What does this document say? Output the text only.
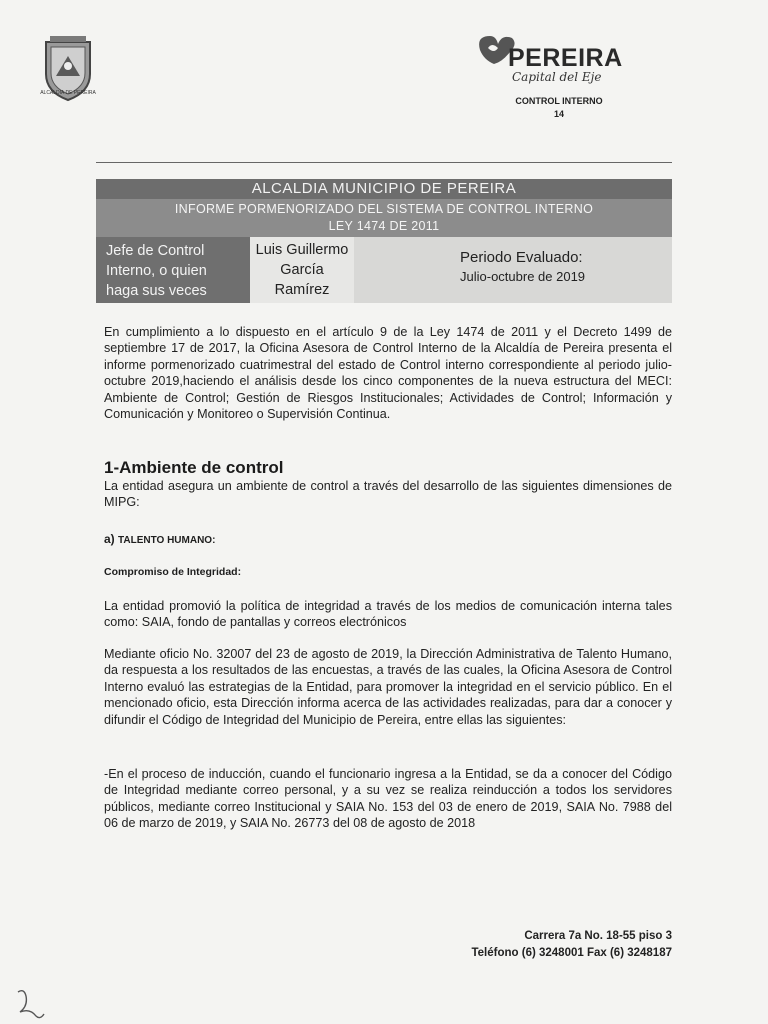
ALCALDIA DE PEREIRA
PEREIRA
Capital del Eje
CONTROL INTERNO
14
ALCALDIA MUNICIPIO DE PEREIRA
INFORME PORMENORIZADO DEL SISTEMA DE CONTROL INTERNO
LEY 1474 DE 2011
Jefe de Control
Interno, o quien
haga sus veces
Luis Guillermo
García
Ramírez
Periodo Evaluado:
Julio-octubre de 2019
En cumplimiento a lo dispuesto en el artículo 9 de la Ley 1474 de 2011 y el Decreto 1499 de septiembre 17 de 2017, la Oficina Asesora de Control Interno de la Alcaldía de Pereira presenta el informe pormenorizado cuatrimestral del estado de Control interno correspondiente al periodo julio-octubre 2019,haciendo el análisis desde los cinco componentes de la nueva estructura del MECI: Ambiente de Control; Gestión de Riesgos Institucionales; Actividades de Control; Información y Comunicación y Monitoreo o Supervisión Continua.
1-Ambiente de control
La entidad asegura un ambiente de control a través del desarrollo de las siguientes dimensiones de MIPG:
a) TALENTO HUMANO:
Compromiso de Integridad:
La entidad promovió la política de integridad a través de los medios de comunicación interna tales como: SAIA, fondo de pantallas y correos electrónicos
Mediante oficio No. 32007 del 23 de agosto de 2019, la Dirección Administrativa de Talento Humano, da respuesta a los resultados de las encuestas, a través de las cuales, la Oficina Asesora de Control Interno evaluó las estrategias de la Entidad, para promover la integridad en el servicio público. En el mencionado oficio, esta Dirección informa acerca de las actividades realizadas, para dar a conocer y difundir el Código de Integridad del Municipio de Pereira, entre ellas las siguientes:
-En el proceso de inducción, cuando el funcionario ingresa a la Entidad, se da a conocer del Código de Integridad mediante correo personal, y a su vez se realiza reinducción a todos los servidores públicos, mediante correo Institucional y SAIA No. 153 del 03 de enero de 2019, SAIA No. 7988 del 06 de marzo de 2019, y SAIA No. 26773 del 08 de agosto de 2018
Carrera 7a No. 18-55 piso 3
Teléfono (6) 3248001 Fax (6) 3248187
